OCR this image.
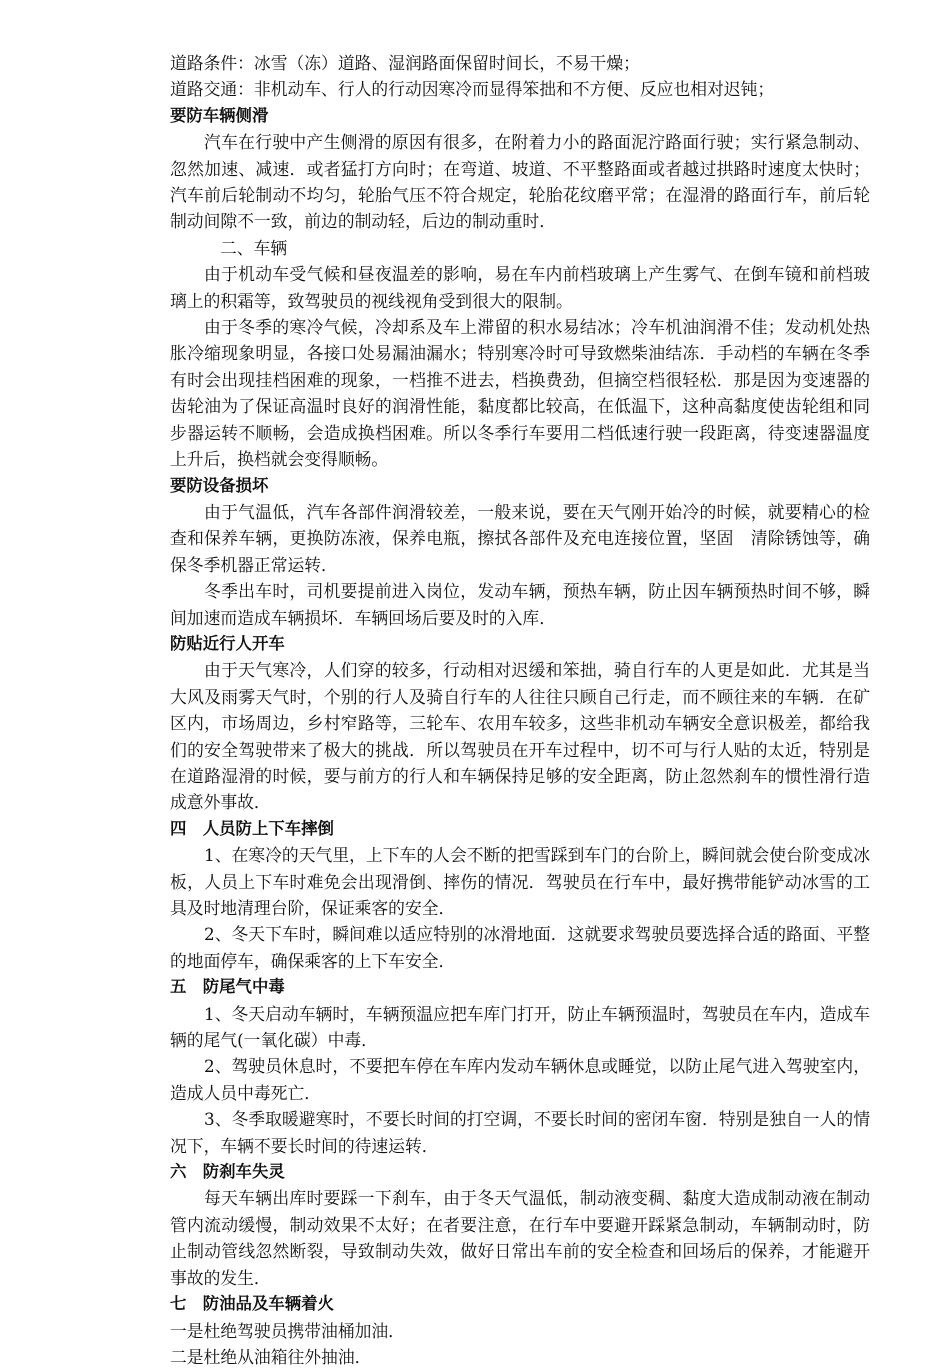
道路条件：冰雪（冻）道路、湿润路面保留时间长，不易干燥；

道路交通：非机动车、行人的行动因寒冷而显得笨拙和不方便、反应也相对迟钝；

要防车辆侧滑

汽车在行驶中产生侧滑的原因有很多，在附着力小的路面泥泞路面行驶；实行紧急制动、忽然加速、减速．或者猛打方向时；在弯道、坡道、不平整路面或者越过拱路时速度太快时；汽车前后轮制动不均匀，轮胎气压不符合规定，轮胎花纹磨平常；在湿滑的路面行车，前后轮制动间隙不一致，前边的制动轻，后边的制动重时．

二、车辆

由于机动车受气候和昼夜温差的影响，易在车内前档玻璃上产生雾气、在倒车镜和前档玻璃上的积霜等，致驾驶员的视线视角受到很大的限制。

由于冬季的寒冷气候，冷却系及车上滞留的积水易结冰；冷车机油润滑不佳；发动机处热胀冷缩现象明显，各接口处易漏油漏水；特别寒冷时可导致燃柴油结冻．手动档的车辆在冬季有时会出现挂档困难的现象，一档推不进去，档换费劲，但摘空档很轻松．那是因为变速器的齿轮油为了保证高温时良好的润滑性能，黏度都比较高，在低温下，这种高黏度使齿轮组和同步器运转不顺畅，会造成换档困难。所以冬季行车要用二档低速行驶一段距离，待变速器温度上升后，换档就会变得顺畅。

要防设备损坏

由于气温低，汽车各部件润滑较差，一般来说，要在天气刚开始冷的时候，就要精心的检查和保养车辆，更换防冻液，保养电瓶，擦拭各部件及充电连接位置，坚固　清除锈蚀等，确保冬季机器正常运转．

冬季出车时，司机要提前进入岗位，发动车辆，预热车辆，防止因车辆预热时间不够，瞬间加速而造成车辆损坏．车辆回场后要及时的入库．

防贴近行人开车

由于天气寒冷，人们穿的较多，行动相对迟缓和笨拙，骑自行车的人更是如此．尤其是当大风及雨雾天气时，个别的行人及骑自行车的人往往只顾自己行走，而不顾往来的车辆．在矿区内，市场周边，乡村窄路等，三轮车、农用车较多，这些非机动车辆安全意识极差，都给我们的安全驾驶带来了极大的挑战．所以驾驶员在开车过程中，切不可与行人贴的太近，特别是在道路湿滑的时候，要与前方的行人和车辆保持足够的安全距离，防止忽然刹车的惯性滑行造成意外事故．

四　人员防上下车摔倒

1、在寒冷的天气里，上下车的人会不断的把雪踩到车门的台阶上，瞬间就会使台阶变成冰板，人员上下车时难免会出现滑倒、摔伤的情况．驾驶员在行车中，最好携带能铲动冰雪的工具及时地清理台阶，保证乘客的安全．

2、冬天下车时，瞬间难以适应特别的冰滑地面．这就要求驾驶员要选择合适的路面、平整的地面停车，确保乘客的上下车安全．

五　防尾气中毒

1、冬天启动车辆时，车辆预温应把车库门打开，防止车辆预温时，驾驶员在车内，造成车辆的尾气(一氧化碳）中毒．

2、驾驶员休息时，不要把车停在车库内发动车辆休息或睡觉，以防止尾气进入驾驶室内，造成人员中毒死亡．

3、冬季取暖避寒时，不要长时间的打空调，不要长时间的密闭车窗．特别是独自一人的情况下，车辆不要长时间的待速运转．

六　防刹车失灵

每天车辆出库时要踩一下刹车，由于冬天气温低，制动液变稠、黏度大造成制动液在制动管内流动缓慢，制动效果不太好；在者要注意，在行车中要避开踩紧急制动，车辆制动时，防止制动管线忽然断裂，导致制动失效，做好日常出车前的安全检查和回场后的保养，才能避开事故的发生．

七　防油品及车辆着火

一是杜绝驾驶员携带油桶加油．

二是杜绝从油箱往外抽油．
